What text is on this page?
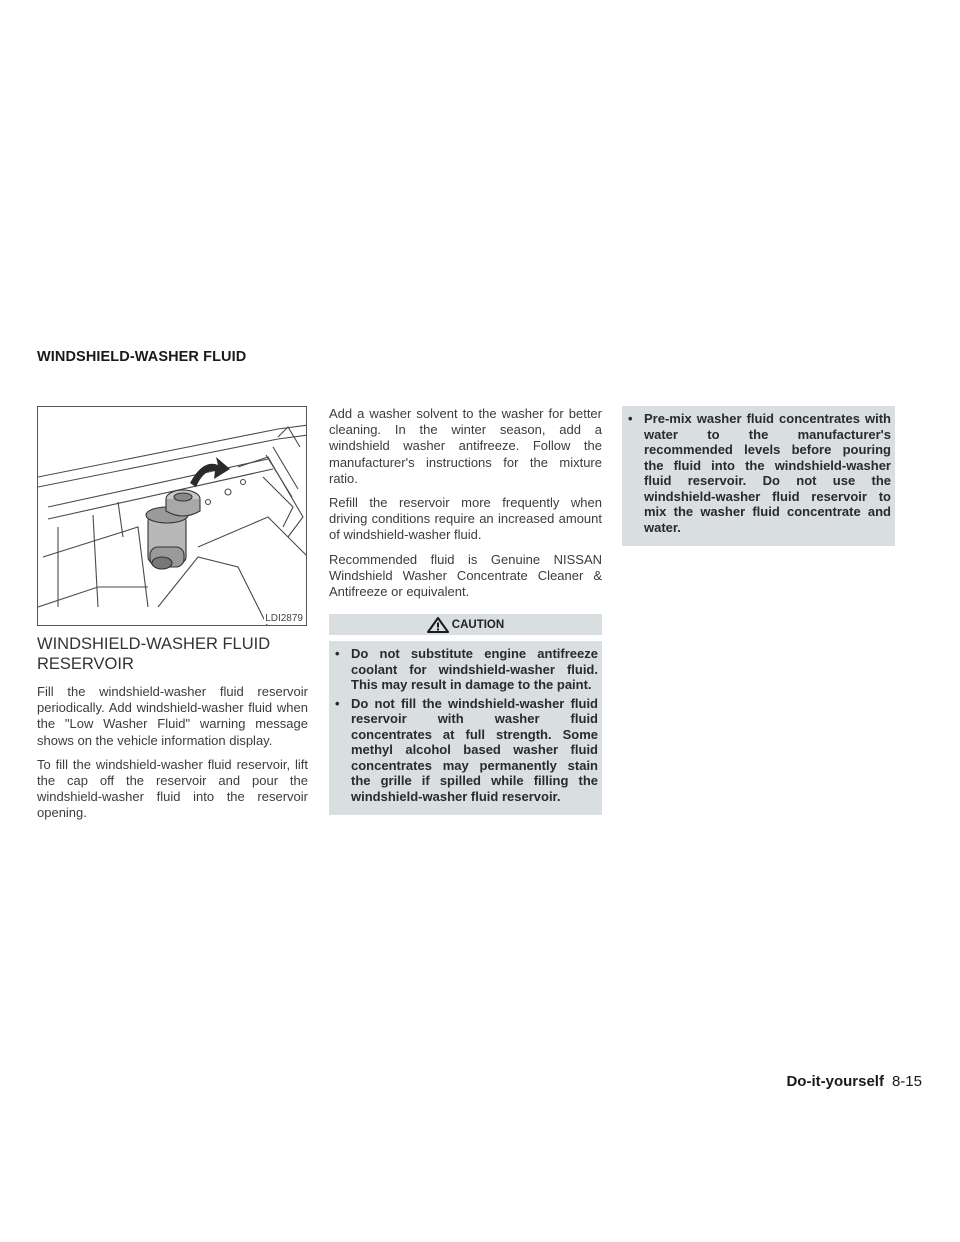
WINDSHIELD-WASHER FLUID
LDI2879
WINDSHIELD-WASHER FLUID RESERVOIR

Fill the windshield-washer fluid reservoir periodically. Add windshield-washer fluid when the "Low Washer Fluid" warning message shows on the vehicle information display.

To fill the windshield-washer fluid reservoir, lift the cap off the reservoir and pour the windshield-washer fluid into the reservoir opening.

Add a washer solvent to the washer for better cleaning. In the winter season, add a windshield washer antifreeze. Follow the manufacturer's instructions for the mixture ratio.

Refill the reservoir more frequently when driving conditions require an increased amount of windshield-washer fluid.

Recommended fluid is Genuine NISSAN Windshield Washer Concentrate Cleaner & Antifreeze or equivalent.

CAUTION
• Do not substitute engine antifreeze coolant for windshield-washer fluid. This may result in damage to the paint.
• Do not fill the windshield-washer fluid reservoir with washer fluid concentrates at full strength. Some methyl alcohol based washer fluid concentrates may permanently stain the grille if spilled while filling the windshield-washer fluid reservoir.
• Pre-mix washer fluid concentrates with water to the manufacturer's recommended levels before pouring the fluid into the windshield-washer fluid reservoir. Do not use the windshield-washer fluid reservoir to mix the washer fluid concentrate and water.
Do-it-yourself 8-15
